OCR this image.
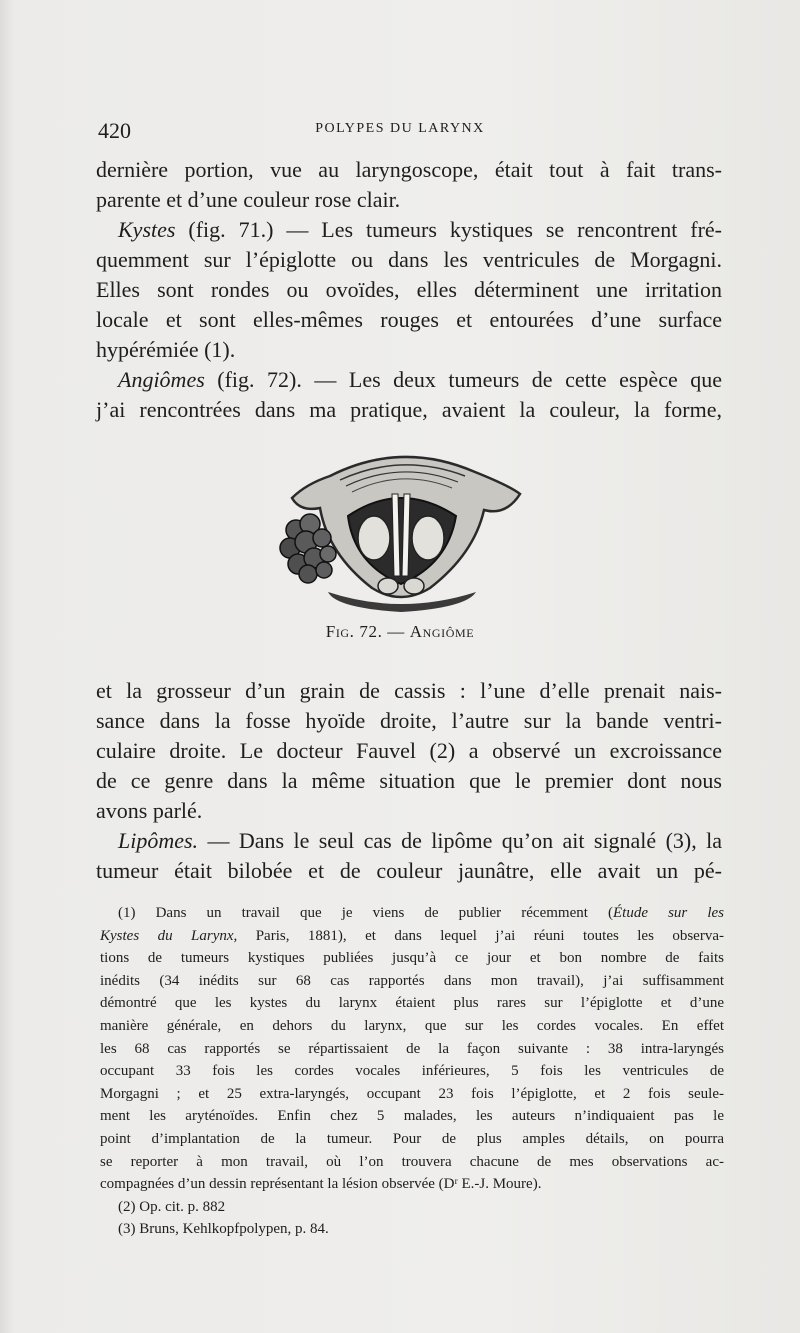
420	POLYPES DU LARYNX

dernière portion, vue au laryngoscope, était tout à fait trans-

parente et d’une couleur rose clair.

Kystes (fig. 71.) — Les tumeurs kystiques se rencontrent fré-

quemment sur l’épiglotte ou dans les ventricules de Morgagni.

Elles sont rondes ou ovoïdes, elles déterminent une irritation

locale et sont elles-mêmes rouges et entourées d’une surface

hypérémiée (1).

Angiômes (fig. 72). — Les deux tumeurs de cette espèce que

j’ai rencontrées dans ma pratique, avaient la couleur, la forme,

Fig. 72. — Angiôme

et la grosseur d’un grain de cassis : l’une d’elle prenait nais-

sance dans la fosse hyoïde droite, l’autre sur la bande ventri-

culaire droite. Le docteur Fauvel (2) a observé un excroissance

de ce genre dans la même situation que le premier dont nous

avons parlé.

Lipômes. — Dans le seul cas de lipôme qu’on ait signalé (3), la

tumeur était bilobée et de couleur jaunâtre, elle avait un pé-

(1) Dans un travail que je viens de publier récemment (Étude sur les

Kystes du Larynx, Paris, 1881), et dans lequel j’ai réuni toutes les observa-

tions de tumeurs kystiques publiées jusqu’à ce jour et bon nombre de faits

inédits (34 inédits sur 68 cas rapportés dans mon travail), j’ai suffisamment

démontré que les kystes du larynx étaient plus rares sur l’épiglotte et d’une

manière générale, en dehors du larynx, que sur les cordes vocales. En effet

les 68 cas rapportés se répartissaient de la façon suivante : 38 intra-laryngés

occupant 33 fois les cordes vocales inférieures, 5 fois les ventricules de

Morgagni ; et 25 extra-laryngés, occupant 23 fois l’épiglotte, et 2 fois seule-

ment les aryténoïdes. Enfin chez 5 malades, les auteurs n’indiquaient pas le

point d’implantation de la tumeur. Pour de plus amples détails, on pourra

se reporter à mon travail, où l’on trouvera chacune de mes observations ac-

compagnées d’un dessin représentant la lésion observée (Dʳ E.-J. Moure).

(2) Op. cit. p. 882

(3) Bruns, Kehlkopfpolypen, p. 84.
